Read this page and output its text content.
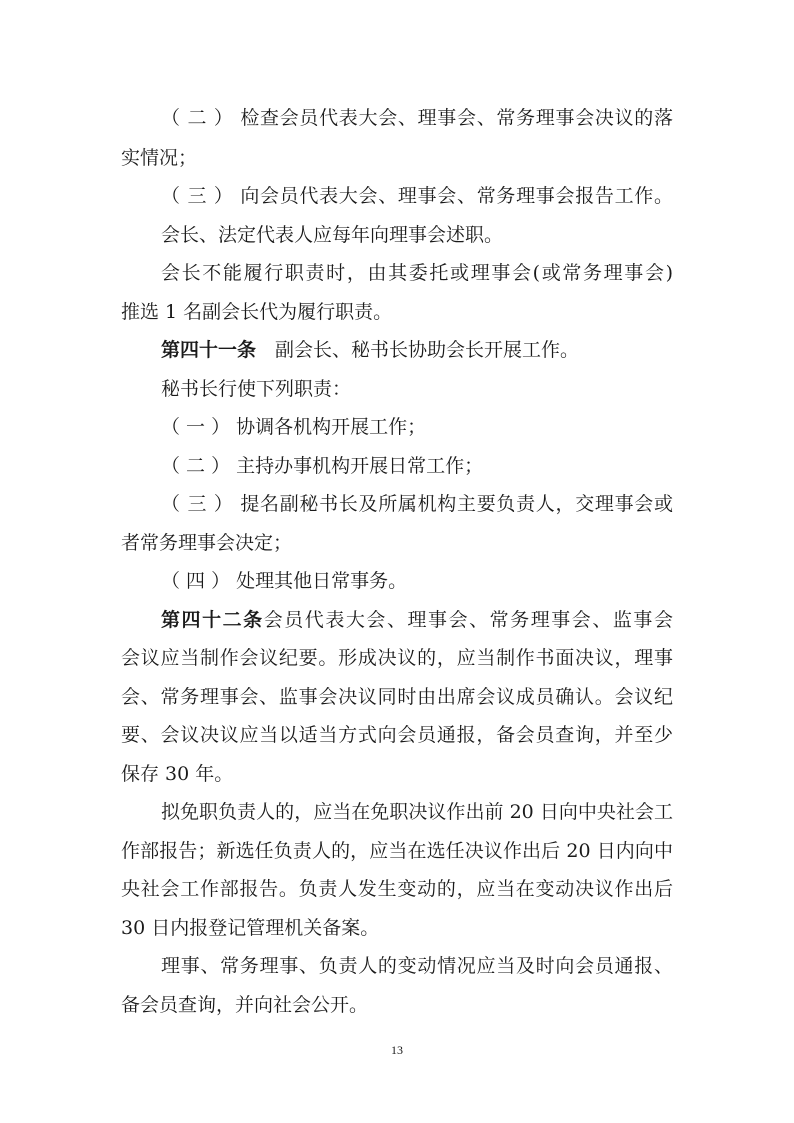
（ 二 ） 检查会员代表大会、理事会、常务理事会决议的落

实情况；

（ 三 ） 向会员代表大会、理事会、常务理事会报告工作。

会长、法定代表人应每年向理事会述职。

会长不能履行职责时，由其委托或理事会(或常务理事会)

推选 1 名副会长代为履行职责。

第四十一条　副会长、秘书长协助会长开展工作。

秘书长行使下列职责：

（ 一 ） 协调各机构开展工作；

（ 二 ） 主持办事机构开展日常工作；

（ 三 ） 提名副秘书长及所属机构主要负责人，交理事会或

者常务理事会决定；

（ 四 ） 处理其他日常事务。

第四十二条会员代表大会、理事会、常务理事会、监事会

会议应当制作会议纪要。形成决议的，应当制作书面决议，理事

会、常务理事会、监事会决议同时由出席会议成员确认。会议纪

要、会议决议应当以适当方式向会员通报，备会员查询，并至少

保存 30 年。

拟免职负责人的，应当在免职决议作出前 20 日向中央社会工

作部报告；新选任负责人的，应当在选任决议作出后 20 日内向中

央社会工作部报告。负责人发生变动的，应当在变动决议作出后

30 日内报登记管理机关备案。

理事、常务理事、负责人的变动情况应当及时向会员通报、

备会员查询，并向社会公开。

13
